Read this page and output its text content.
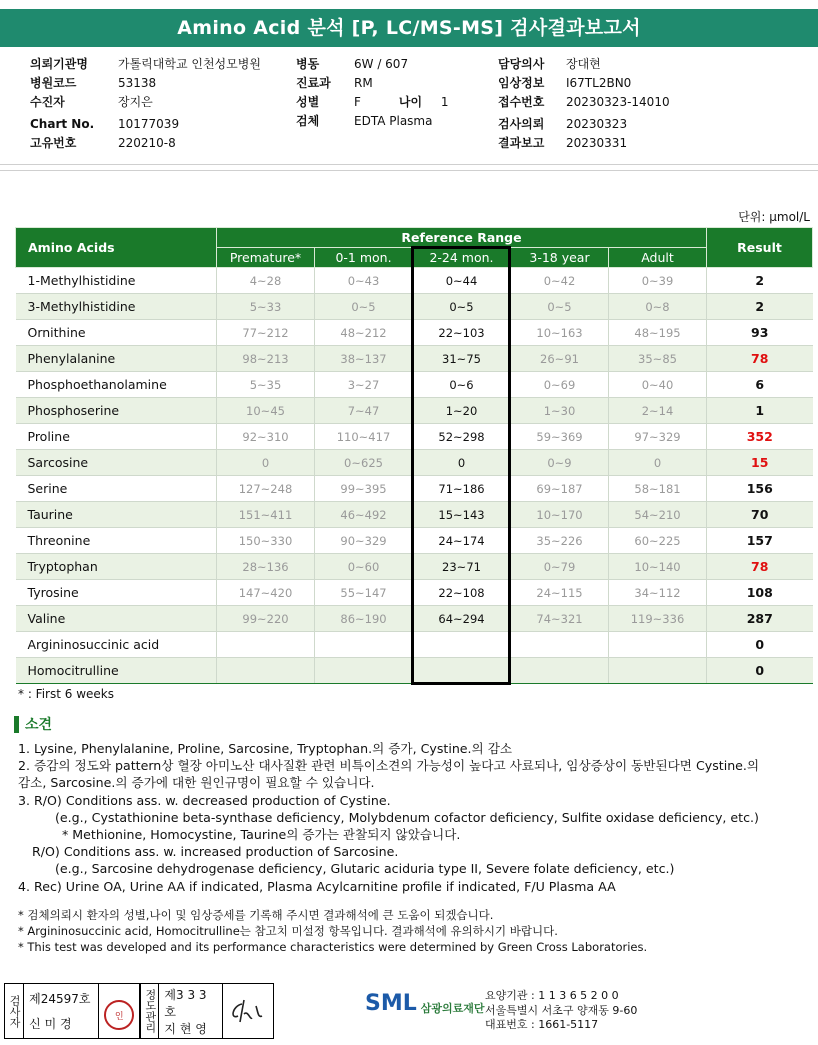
Amino Acid 분석 [P, LC/MS-MS] 검사결과보고서
의뢰기관명	가톨릭대학교 인천성모병원
병원코드	53138
수진자	장지은
Chart No.	10177039
고유번호	220210-8
병동	6W / 607
진료과	RM
성별	F	나이	1
검체	EDTA Plasma
담당의사	장대현
임상정보	I67TL2BN0
접수번호	20230323-14010
검사의뢰	20230323
결과보고	20230331
단위: μmol/L
Amino Acids	Reference Range					Result
	Premature*	0-1 mon.	2-24 mon.	3-18 year	Adult	
1-Methylhistidine	4~28	0~43	0~44	0~42	0~39	2
3-Methylhistidine	5~33	0~5	0~5	0~5	0~8	2
Ornithine	77~212	48~212	22~103	10~163	48~195	93
Phenylalanine	98~213	38~137	31~75	26~91	35~85	78
Phosphoethanolamine	5~35	3~27	0~6	0~69	0~40	6
Phosphoserine	10~45	7~47	1~20	1~30	2~14	1
Proline	92~310	110~417	52~298	59~369	97~329	352
Sarcosine	0	0~625	0	0~9	0	15
Serine	127~248	99~395	71~186	69~187	58~181	156
Taurine	151~411	46~492	15~143	10~170	54~210	70
Threonine	150~330	90~329	24~174	35~226	60~225	157
Tryptophan	28~136	0~60	23~71	0~79	10~140	78
Tyrosine	147~420	55~147	22~108	24~115	34~112	108
Valine	99~220	86~190	64~294	74~321	119~336	287
Argininosuccinic acid						0
Homocitrulline						0
* : First 6 weeks
소견
1. Lysine, Phenylalanine, Proline, Sarcosine, Tryptophan.의 증가, Cystine.의 감소
2. 증감의 정도와 pattern상 혈장 아미노산 대사질환 관련 비특이소견의 가능성이 높다고 사료되나, 임상증상이 동반된다면 Cystine.의
감소, Sarcosine.의 증가에 대한 원인규명이 필요할 수 있습니다.
3. R/O) Conditions ass. w. decreased production of Cystine.
(e.g., Cystathionine beta-synthase deficiency, Molybdenum cofactor deficiency, Sulfite oxidase deficiency, etc.)
* Methionine, Homocystine, Taurine의 증가는 관찰되지 않았습니다.
R/O) Conditions ass. w. increased production of Sarcosine.
(e.g., Sarcosine dehydrogenase deficiency, Glutaric aciduria type II, Severe folate deficiency, etc.)
4. Rec) Urine OA, Urine AA if indicated, Plasma Acylcarnitine profile if indicated, F/U Plasma AA
* 검체의뢰시 환자의 성별,나이 및 임상증세를 기록해 주시면 결과해석에 큰 도움이 되겠습니다.
* Argininosuccinic acid, Homocitrulline는 참고치 미설정 항목입니다. 결과해석에 유의하시기 바랍니다.
* This test was developed and its performance characteristics were determined by Green Cross Laboratories.
검사자 제24597호
신 미 경
인	정도관리 제3 3 3 호
지 현 영
SML 삼광의료재단
요양기관 : 1 1 3 6 5 2 0 0
서울특별시 서초구 양재동 9-60
대표번호 : 1661-5117
